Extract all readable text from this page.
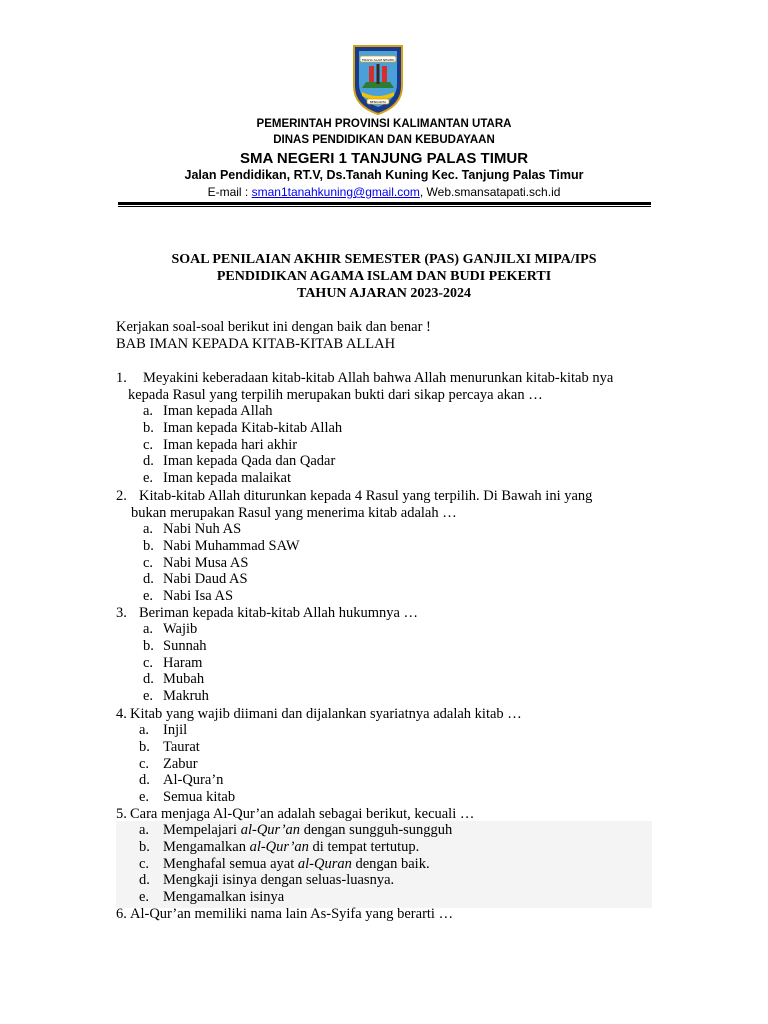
TIRAHA ALAM NEGERI
BENUANTA
PEMERINTAH PROVINSI KALIMANTAN UTARA
DINAS PENDIDIKAN DAN KEBUDAYAAN
SMA NEGERI 1 TANJUNG PALAS TIMUR
Jalan Pendidikan, RT.V, Ds.Tanah Kuning Kec. Tanjung Palas Timur
E-mail : sman1tanahkuning@gmail.com, Web.smansatapati.sch.id
SOAL PENILAIAN AKHIR SEMESTER (PAS) GANJILXI MIPA/IPS
PENDIDIKAN AGAMA ISLAM DAN BUDI PEKERTI
TAHUN AJARAN 2023-2024
Kerjakan soal-soal berikut ini dengan baik dan benar !
BAB IMAN KEPADA KITAB-KITAB ALLAH
1. Meyakini keberadaan kitab-kitab Allah bahwa Allah menurunkan kitab-kitab nya
kepada Rasul yang terpilih merupakan bukti dari sikap percaya akan …
a. Iman kepada Allah
b. Iman kepada Kitab-kitab Allah
c. Iman kepada hari akhir
d. Iman kepada Qada dan Qadar
e. Iman kepada malaikat
2. Kitab-kitab Allah diturunkan kepada 4 Rasul yang terpilih. Di Bawah ini yang
bukan merupakan Rasul yang menerima kitab adalah …
a. Nabi Nuh AS
b. Nabi Muhammad SAW
c. Nabi Musa AS
d. Nabi Daud AS
e. Nabi Isa AS
3. Beriman kepada kitab-kitab Allah hukumnya …
a. Wajib
b. Sunnah
c. Haram
d. Mubah
e. Makruh
4. Kitab yang wajib diimani dan dijalankan syariatnya adalah kitab …
a. Injil
b. Taurat
c. Zabur
d. Al-Qura’n
e. Semua kitab
5. Cara menjaga Al-Qur’an adalah sebagai berikut, kecuali …
a. Mempelajari al-Qur’an dengan sungguh-sungguh
b. Mengamalkan al-Qur’an di tempat tertutup.
c. Menghafal semua ayat al-Quran dengan baik.
d. Mengkaji isinya dengan seluas-luasnya.
e. Mengamalkan isinya
6. Al-Qur’an memiliki nama lain As-Syifa yang berarti …
